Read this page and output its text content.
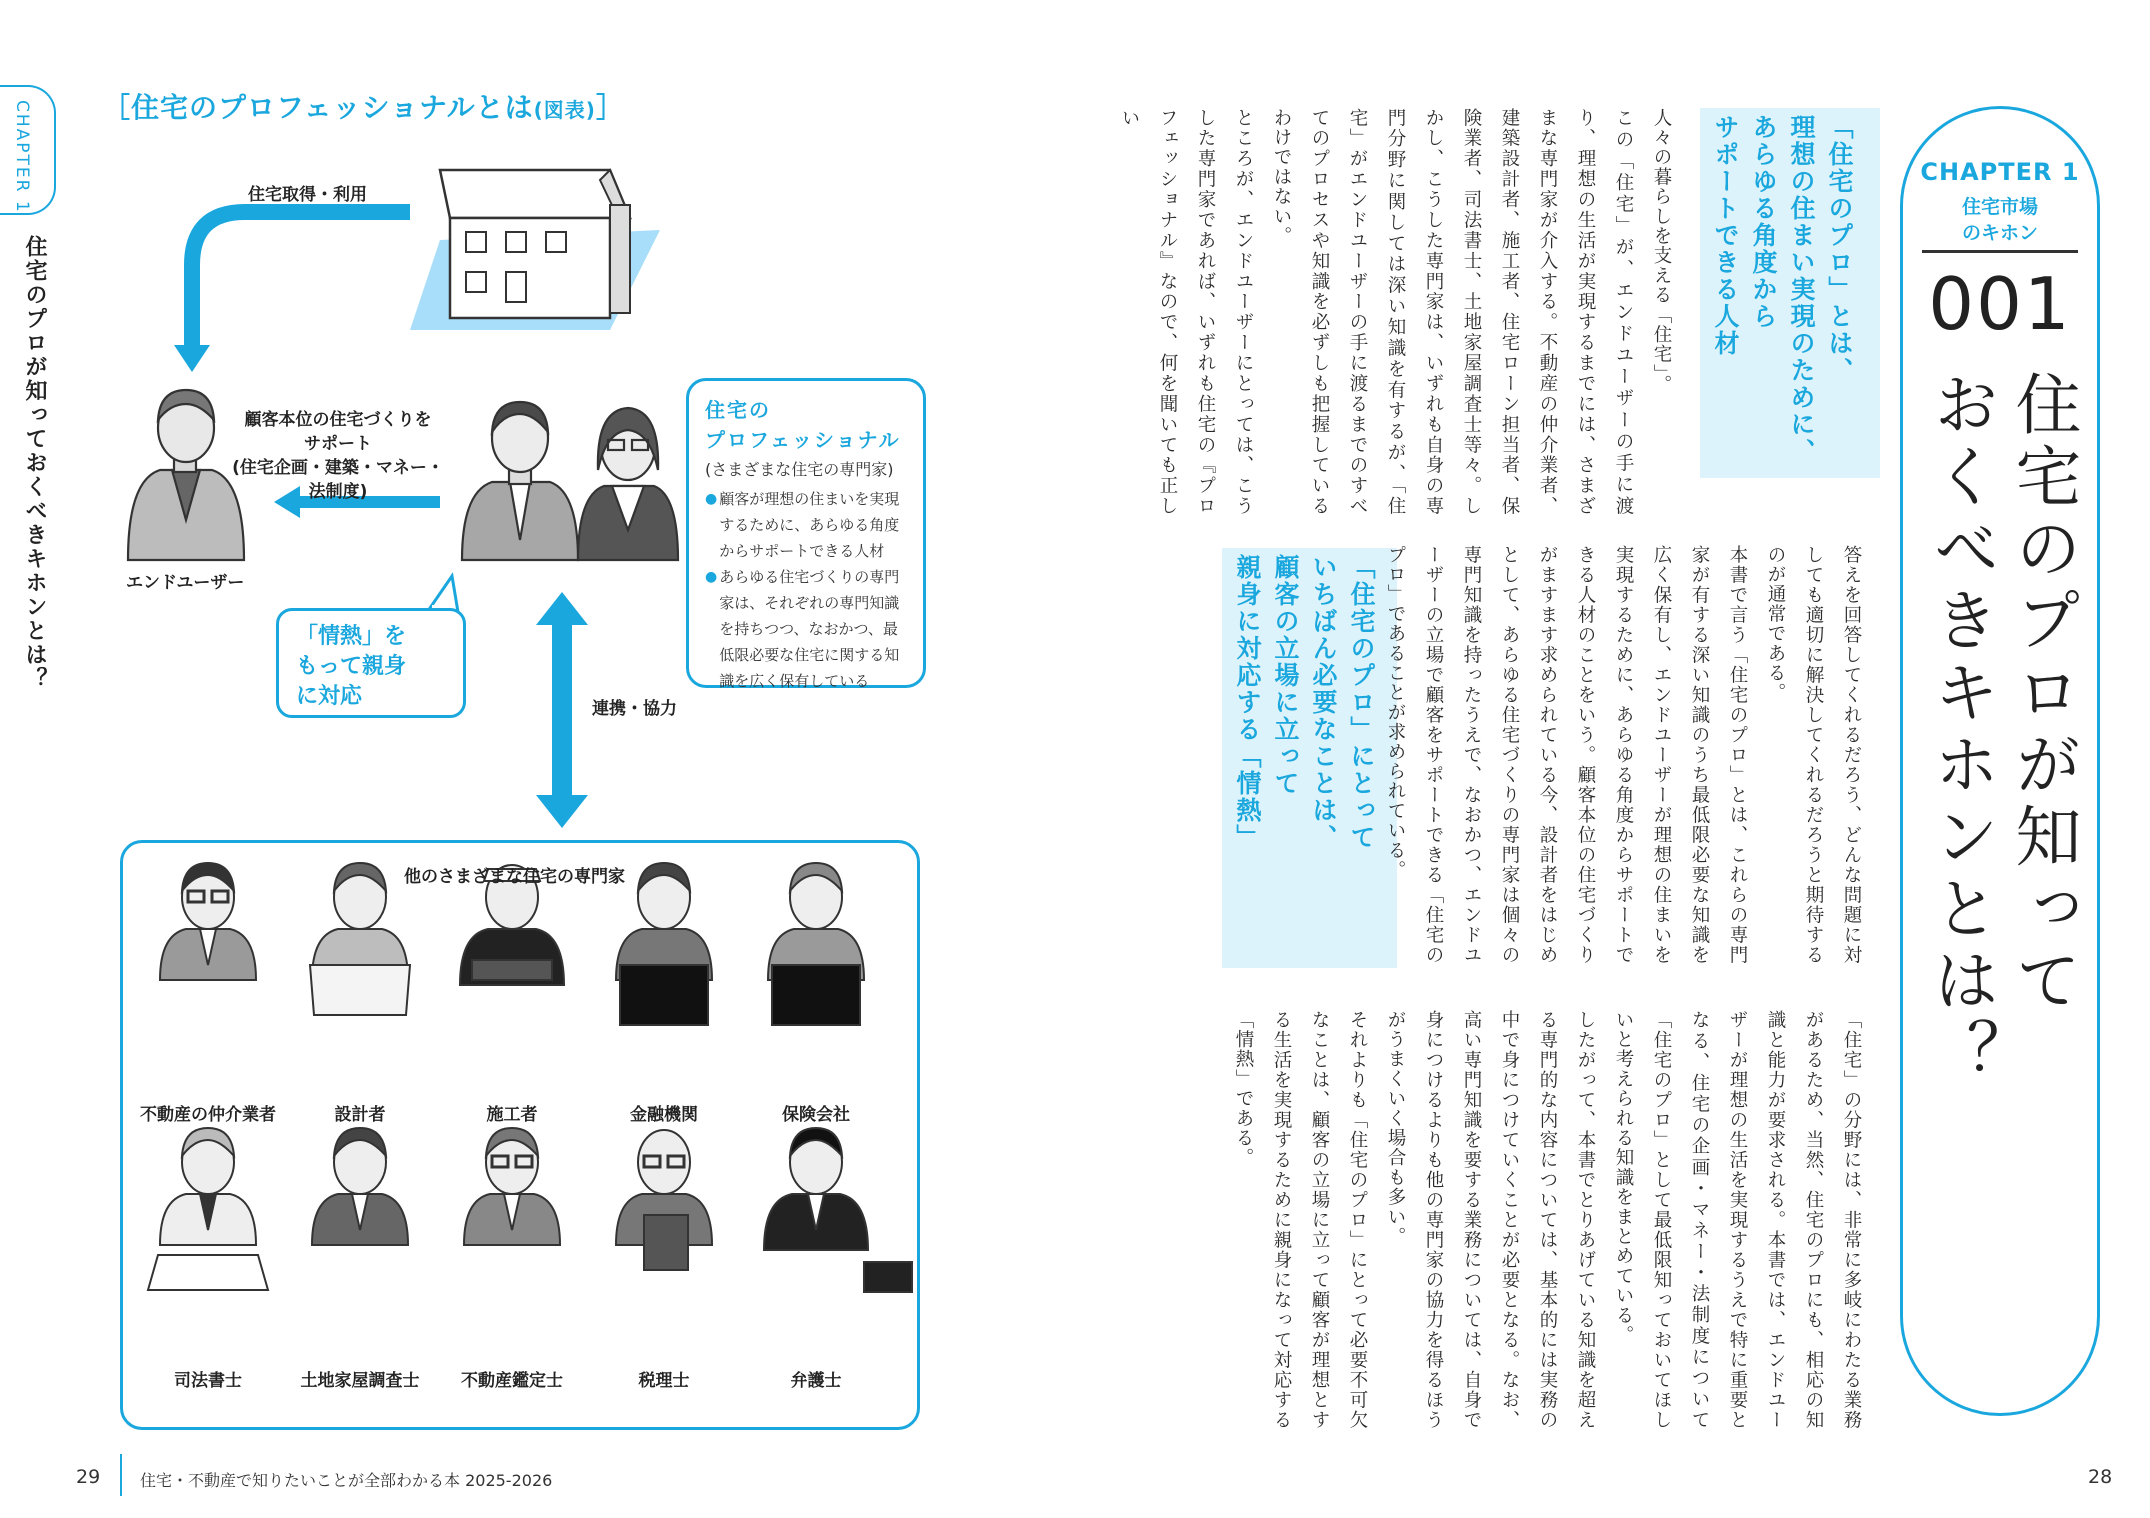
CHAPTER 1
住宅のプロが知っておくべきキホンとは？
［住宅のプロフェッショナルとは(図表)］
住宅取得・利用
顧客本位の住宅づくりを
サポート
(住宅企画・建築・マネー・法制度)
エンドユーザー
連携・協力
「情熱」を
もって親身
に対応
住宅の
プロフェッショナル
(さまざまな住宅の専門家)
● 顧客が理想の住まいを実現するために、あらゆる角度からサポートできる人材
● あらゆる住宅づくりの専門家は、それぞれの専門知識を持ちつつ、なおかつ、最低限必要な住宅に関する知識を広く保有している
他のさまざまな住宅の専門家
不動産の仲介業者	設計者	施工者	金融機関	保険会社
司法書士	土地家屋調査士	不動産鑑定士	税理士	弁護士
29 住宅・不動産で知りたいことが全部わかる本 2025-2026
CHAPTER 1
住宅市場
のキホン
001
住宅のプロが知って
おくべきキホンとは？
「住宅のプロ」とは、
理想の住まい実現のために、
あらゆる角度から
サポートできる人材
「住宅のプロ」にとって
いちばん必要なことは、
顧客の立場に立って
親身に対応する「情熱」
人々の暮らしを支える「住宅」。
この「住宅」が、エンドユーザーの手に渡り、理想の生活が実現するまでには、さまざまな専門家が介入する。不動産の仲介業者、建築設計者、施工者、住宅ローン担当者、保険業者、司法書士、土地家屋調査士等々。しかし、こうした専門家は、いずれも自身の専門分野に関しては深い知識を有するが、「住宅」がエンドユーザーの手に渡るまでのすべてのプロセスや知識を必ずしも把握しているわけではない。
ところが、エンドユーザーにとっては、こうした専門家であれば、いずれも住宅の『プロフェッショナル』なので、何を聞いても正しい
答えを回答してくれるだろう、どんな問題に対しても適切に解決してくれるだろうと期待するのが通常である。
本書で言う「住宅のプロ」とは、これらの専門家が有する深い知識のうち最低限必要な知識を広く保有し、エンドユーザーが理想の住まいを実現するために、あらゆる角度からサポートできる人材のことをいう。顧客本位の住宅づくりがますます求められている今、設計者をはじめとして、あらゆる住宅づくりの専門家は個々の専門知識を持ったうえで、なおかつ、エンドユーザーの立場で顧客をサポートできる「住宅のプロ」であることが求められている。
「住宅」の分野には、非常に多岐にわたる業務があるため、当然、住宅のプロにも、相応の知識と能力が要求される。本書では、エンドユーザーが理想の生活を実現するうえで特に重要となる、住宅の企画・マネー・法制度について「住宅のプロ」として最低限知っておいてほしいと考えられる知識をまとめている。
したがって、本書でとりあげている知識を超える専門的な内容については、基本的には実務の中で身につけていくことが必要となる。なお、高い専門知識を要する業務については、自身で身につけるよりも他の専門家の協力を得るほうがうまくいく場合も多い。
それよりも「住宅のプロ」にとって必要不可欠なことは、顧客の立場に立って顧客が理想とする生活を実現するために親身になって対応する「情熱」である。
28
